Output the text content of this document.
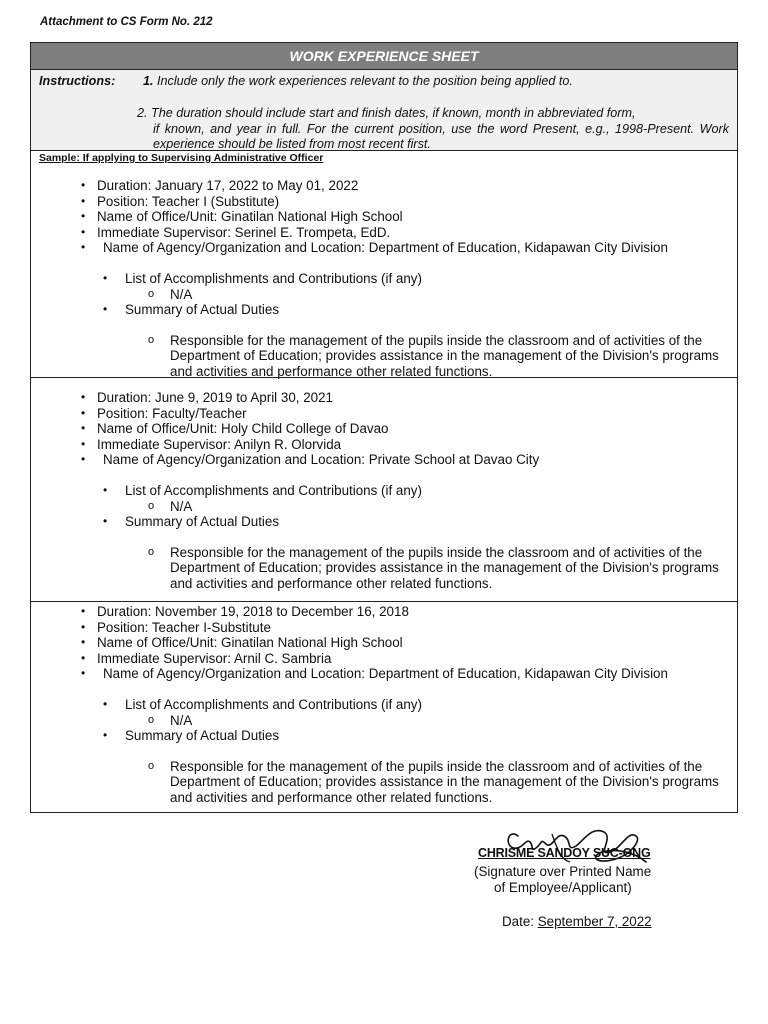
Attachment to CS Form No. 212
WORK EXPERIENCE SHEET
Instructions: 1. Include only the work experiences relevant to the position being applied to.
2. The duration should include start and finish dates, if known, month in abbreviated form,
if known, and year in full. For the current position, use the word Present, e.g., 1998-Present. Work experience should be listed from most recent first.
Sample: If applying to Supervising Administrative Officer
• Duration: January 17, 2022 to May 01, 2022
• Position: Teacher I (Substitute)
• Name of Office/Unit: Ginatilan National High School
• Immediate Supervisor: Serinel E. Trompeta, EdD.
• Name of Agency/Organization and Location: Department of Education, Kidapawan City Division
• List of Accomplishments and Contributions (if any)
o N/A
• Summary of Actual Duties
o Responsible for the management of the pupils inside the classroom and of activities of the Department of Education; provides assistance in the management of the Division's programs and activities and performance other related functions.
• Duration: June 9, 2019 to April 30, 2021
• Position: Faculty/Teacher
• Name of Office/Unit: Holy Child College of Davao
• Immediate Supervisor: Anilyn R. Olorvida
• Name of Agency/Organization and Location: Private School at Davao City
• List of Accomplishments and Contributions (if any)
o N/A
• Summary of Actual Duties
o Responsible for the management of the pupils inside the classroom and of activities of the Department of Education; provides assistance in the management of the Division's programs and activities and performance other related functions.
• Duration: November 19, 2018 to December 16, 2018
• Position: Teacher I-Substitute
• Name of Office/Unit: Ginatilan National High School
• Immediate Supervisor: Arnil C. Sambria
• Name of Agency/Organization and Location: Department of Education, Kidapawan City Division
• List of Accomplishments and Contributions (if any)
o N/A
• Summary of Actual Duties
o Responsible for the management of the pupils inside the classroom and of activities of the Department of Education; provides assistance in the management of the Division's programs and activities and performance other related functions.
CHRISME SANDOY SUC-ONG
(Signature over Printed Name
of Employee/Applicant)
Date: September 7, 2022
